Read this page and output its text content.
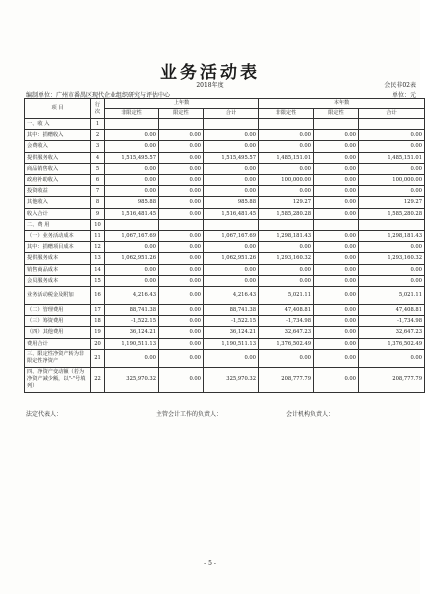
业务活动表
2018年度	会民非02表
编制单位：广州市番禺区现代企业组织研究与评估中心	单位：元
项 目	行次	上年数			本年数		
		非限定性	限定性	合计	非限定性	限定性	合计
一、收 入	1						
其中：捐赠收入	2	0.00	0.00	0.00	0.00	0.00	0.00
会费收入	3	0.00	0.00	0.00	0.00	0.00	0.00
提供服务收入	4	1,515,495.57	0.00	1,515,495.57	1,485,151.01	0.00	1,485,151.01
商品销售收入	5	0.00	0.00	0.00	0.00	0.00	0.00
政府补助收入	6	0.00	0.00	0.00	100,000.00	0.00	100,000.00
投资收益	7	0.00	0.00	0.00	0.00	0.00	0.00
其他收入	8	985.88	0.00	985.88	129.27	0.00	129.27
收入合计	9	1,516,481.45	0.00	1,516,481.45	1,585,280.28	0.00	1,585,280.28
二、费 用	10						
（一）业务活动成本	11	1,067,167.69	0.00	1,067,167.69	1,298,181.43	0.00	1,298,181.43
其中：捐赠项目成本	12	0.00	0.00	0.00	0.00	0.00	0.00
提供服务成本	13	1,062,951.26	0.00	1,062,951.26	1,293,160.32	0.00	1,293,160.32
销售商品成本	14	0.00	0.00	0.00	0.00	0.00	0.00
会员服务成本	15	0.00	0.00	0.00	0.00	0.00	0.00
业务活动税金及附加	16	4,216.43	0.00	4,216.43	5,021.11	0.00	5,021.11
（二）管理费用	17	88,741.38	0.00	88,741.38	47,408.81	0.00	47,408.81
（三）筹资费用	18	-1,522.15	0.00	-1,522.15	-1,734.98	0.00	-1,734.98
（四）其他费用	19	36,124.21	0.00	36,124.21	32,647.23	0.00	32,647.23
费用合计	20	1,190,511.13	0.00	1,190,511.13	1,376,502.49	0.00	1,376,502.49
三、限定性净资产转为非限定性净资产	21	0.00	0.00	0.00	0.00	0.00	0.00
四、净资产变动额（若为净资产减少额，以"-"号填列）	22	325,970.32	0.00	325,970.32	208,777.79	0.00	208,777.79
法定代表人：	主管会计工作的负责人：	会计机构负责人：
- 5 -
